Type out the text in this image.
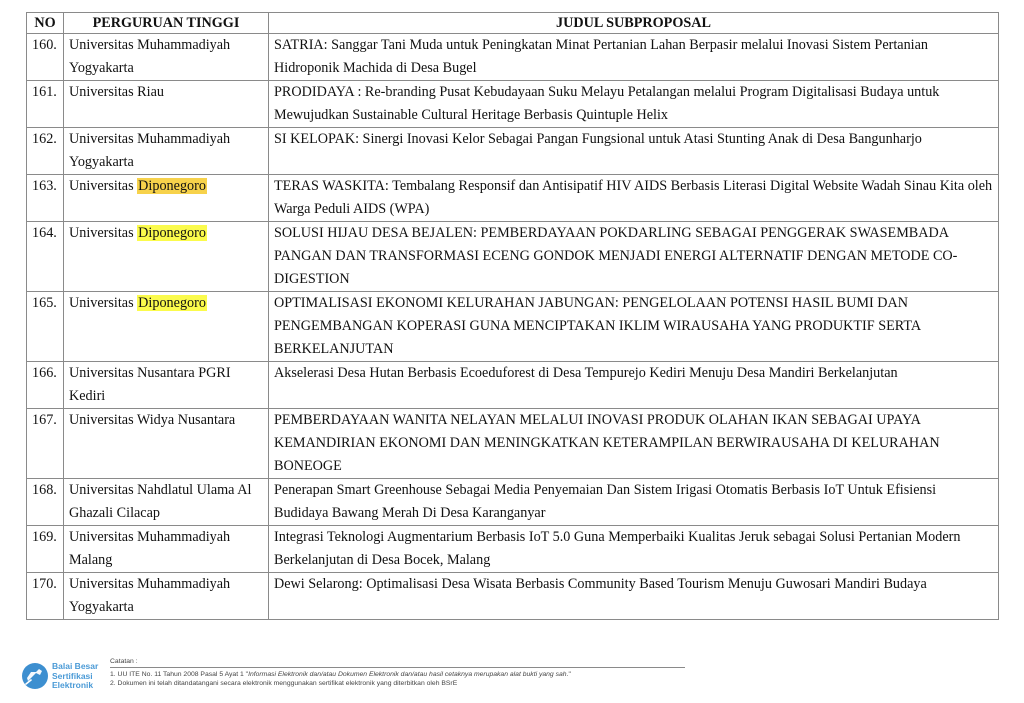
NO	PERGURUAN TINGGI	JUDUL SUBPROPOSAL
160.	Universitas Muhammadiyah Yogyakarta	SATRIA: Sanggar Tani Muda untuk Peningkatan Minat Pertanian Lahan Berpasir melalui Inovasi Sistem Pertanian Hidroponik Machida di Desa Bugel
161.	Universitas Riau	PRODIDAYA : Re-branding Pusat Kebudayaan Suku Melayu Petalangan melalui Program Digitalisasi Budaya untuk Mewujudkan Sustainable Cultural Heritage Berbasis Quintuple Helix
162.	Universitas Muhammadiyah Yogyakarta	SI KELOPAK: Sinergi Inovasi Kelor Sebagai Pangan Fungsional untuk Atasi Stunting Anak di Desa Bangunharjo
163.	Universitas Diponegoro	TERAS WASKITA: Tembalang Responsif dan Antisipatif HIV AIDS Berbasis Literasi Digital Website Wadah Sinau Kita oleh Warga Peduli AIDS (WPA)
164.	Universitas Diponegoro	SOLUSI HIJAU DESA BEJALEN: PEMBERDAYAAN POKDARLING SEBAGAI PENGGERAK SWASEMBADA PANGAN DAN TRANSFORMASI ECENG GONDOK MENJADI ENERGI ALTERNATIF DENGAN METODE CO-DIGESTION
165.	Universitas Diponegoro	OPTIMALISASI EKONOMI KELURAHAN JABUNGAN: PENGELOLAAN POTENSI HASIL BUMI DAN PENGEMBANGAN KOPERASI GUNA MENCIPTAKAN IKLIM WIRAUSAHA YANG PRODUKTIF SERTA BERKELANJUTAN
166.	Universitas Nusantara PGRI Kediri	Akselerasi Desa Hutan Berbasis Ecoeduforest di Desa Tempurejo Kediri Menuju Desa Mandiri Berkelanjutan
167.	Universitas Widya Nusantara	PEMBERDAYAAN WANITA NELAYAN MELALUI INOVASI PRODUK OLAHAN IKAN SEBAGAI UPAYA KEMANDIRIAN EKONOMI DAN MENINGKATKAN KETERAMPILAN BERWIRAUSAHA DI KELURAHAN BONEOGE
168.	Universitas Nahdlatul Ulama Al Ghazali Cilacap	Penerapan Smart Greenhouse Sebagai Media Penyemaian Dan Sistem Irigasi Otomatis Berbasis IoT Untuk Efisiensi Budidaya Bawang Merah Di Desa Karanganyar
169.	Universitas Muhammadiyah Malang	Integrasi Teknologi Augmentarium Berbasis IoT 5.0 Guna Memperbaiki Kualitas Jeruk sebagai Solusi Pertanian Modern Berkelanjutan di Desa Bocek, Malang
170.	Universitas Muhammadiyah Yogyakarta	Dewi Selarong: Optimalisasi Desa Wisata Berbasis Community Based Tourism Menuju Guwosari Mandiri Budaya
Balai Besar
Sertifikasi
Elektronik
Catatan :
1. UU ITE No. 11 Tahun 2008 Pasal 5 Ayat 1 "Informasi Elektronik dan/atau Dokumen Elektronik dan/atau hasil cetaknya merupakan alat bukti yang sah."
2. Dokumen ini telah ditandatangani secara elektronik menggunakan sertifikat elektronik yang diterbitkan oleh BSrE
